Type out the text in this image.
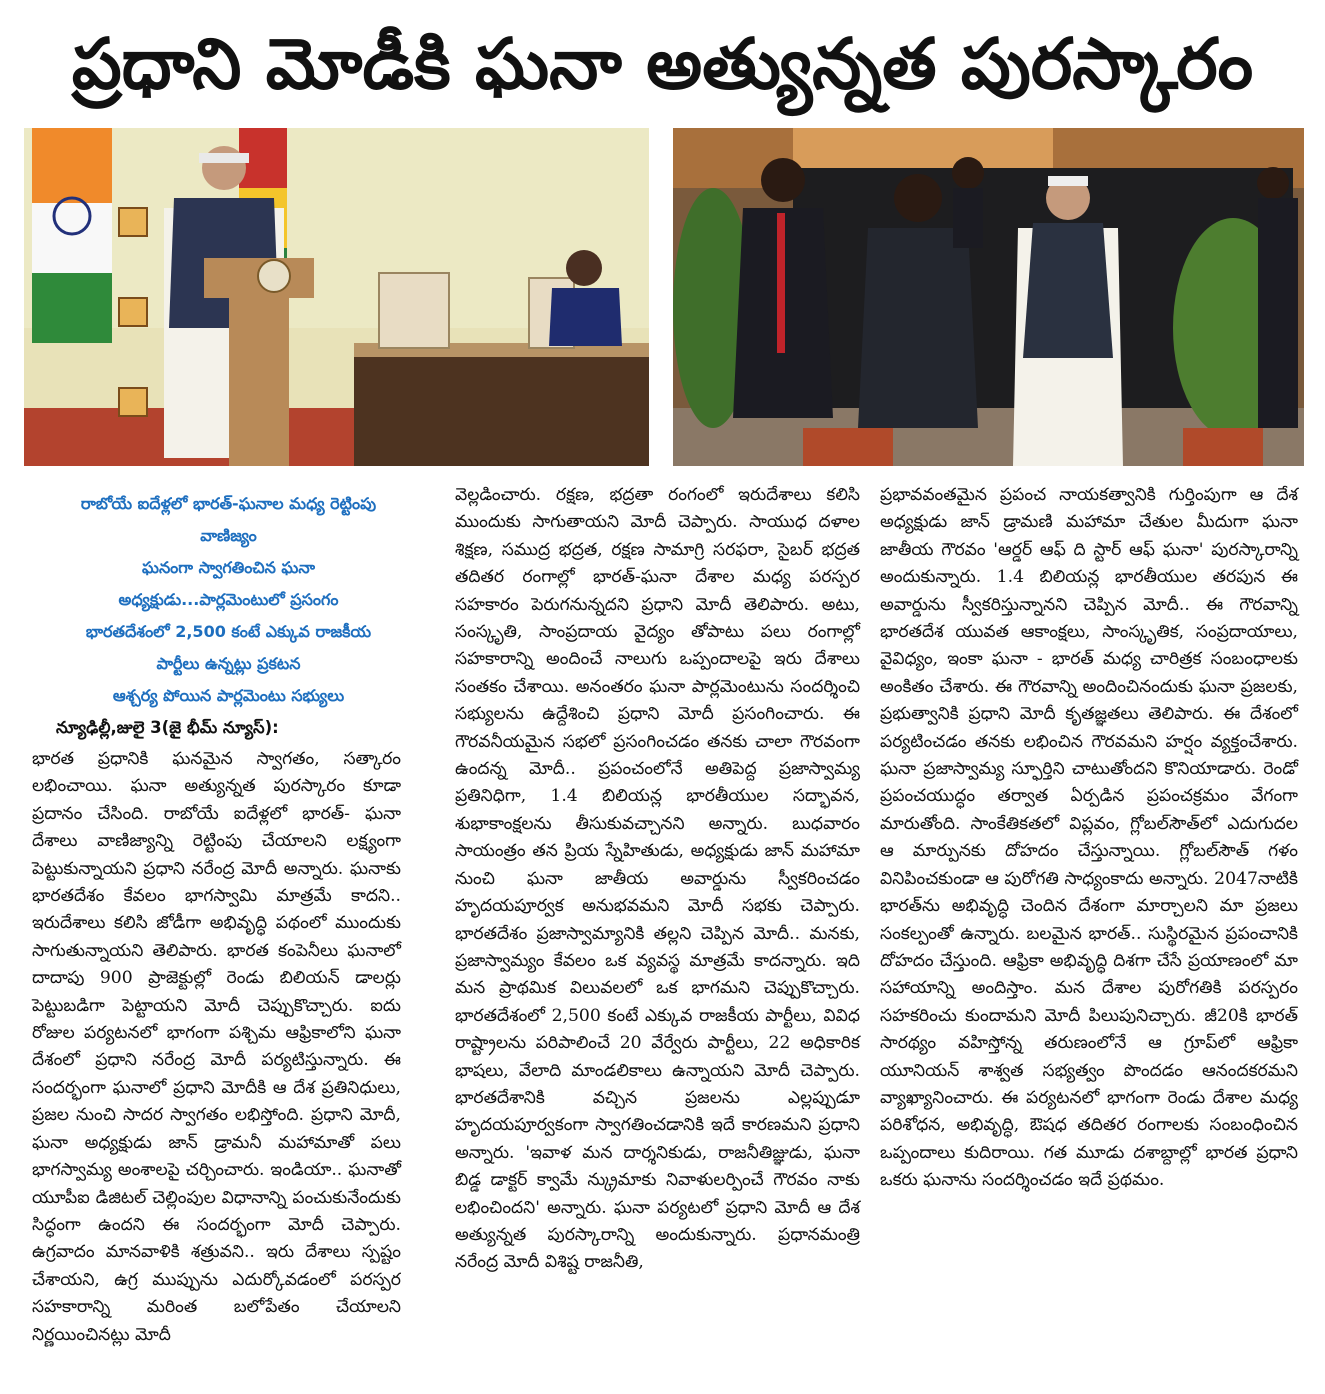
ప్రధాని మోడీకి ఘనా అత్యున్నత పురస్కారం
రాబోయే ఐదేళ్లలో భారత్‌-ఘనాల మధ్య రెట్టింపు
వాణిజ్యం
ఘనంగా స్వాగతించిన ఘనా
అధ్యక్షుడు...పార్లమెంటులో ప్రసంగం
భారతదేశంలో 2,500 కంటే ఎక్కువ రాజకీయ
పార్టీలు ఉన్నట్లు ప్రకటన
ఆశ్చర్య పోయిన పార్లమెంటు సభ్యులు
న్యూఢిల్లీ,జులై 3(జై భీమ్‌ న్యూస్‌):

భారత ప్రధానికి ఘనమైన స్వాగతం, సత్కారం లభించాయి. ఘనా అత్యున్నత పురస్కారం కూడా ప్రదానం చేసింది. రాబోయే ఐదేళ్లలో భారత్‌- ఘనా దేశాలు వాణిజ్యాన్ని రెట్టింపు చేయాలని లక్ష్యంగా పెట్టుకున్నాయని ప్రధాని నరేంద్ర మోదీ అన్నారు. ఘనాకు భారతదేశం కేవలం భాగస్వామి మాత్రమే కాదని.. ఇరుదేశాలు కలిసి జోడీగా అభివృద్ధి పథంలో ముందుకు సాగుతున్నాయని తెలిపారు. భారత కంపెనీలు ఘనాలో దాదాపు 900 ప్రాజెక్టుల్లో రెండు బిలియన్‌ డాలర్లు పెట్టుబడిగా పెట్టాయని మోదీ చెప్పుకొచ్చారు. ఐదు రోజుల పర్యటనలో భాగంగా పశ్చిమ ఆఫ్రికాలోని ఘనా దేశంలో ప్రధాని నరేంద్ర మోదీ పర్యటిస్తున్నారు. ఈ సందర్భంగా ఘనాలో ప్రధాని మోదీకి ఆ దేశ ప్రతినిధులు, ప్రజల నుంచి సాదర స్వాగతం లభిస్తోంది. ప్రధాని మోదీ, ఘనా అధ్యక్షుడు జాన్‌ డ్రామనీ మహామాతో పలు భాగస్వామ్య అంశాలపై చర్చించారు. ఇండియా.. ఘనాతో యూపీఐ డిజిటల్‌ చెల్లింపుల విధానాన్ని పంచుకునేందుకు సిద్ధంగా ఉందని ఈ సందర్భంగా మోదీ చెప్పారు. ఉగ్రవాదం మానవాళికి శత్రువని.. ఇరు దేశాలు స్పష్టం చేశాయని, ఉగ్ర ముప్పును ఎదుర్కోవడంలో పరస్పర సహకారాన్ని మరింత బలోపేతం చేయాలని నిర్ణయించినట్లు మోదీ

వెల్లడించారు. రక్షణ, భద్రతా రంగంలో ఇరుదేశాలు కలిసి ముందుకు సాగుతాయని మోదీ చెప్పారు. సాయుధ దళాల శిక్షణ, సముద్ర భద్రత, రక్షణ సామాగ్రి సరఫరా, సైబర్‌ భద్రత తదితర రంగాల్లో భారత్‌-ఘనా దేశాల మధ్య పరస్పర సహకారం పెరుగనున్నదని ప్రధాని మోదీ తెలిపారు. అటు, సంస్కృతి, సాంప్రదాయ వైద్యం తోపాటు పలు రంగాల్లో సహకారాన్ని అందించే నాలుగు ఒప్పందాలపై ఇరు దేశాలు సంతకం చేశాయి. అనంతరం ఘనా పార్లమెంటును సందర్శించి సభ్యులను ఉద్దేశించి ప్రధాని మోదీ ప్రసంగించారు. ఈ గౌరవనీయమైన సభలో ప్రసంగించడం తనకు చాలా గౌరవంగా ఉందన్న మోదీ.. ప్రపంచంలోనే అతిపెద్ద ప్రజాస్వామ్య ప్రతినిధిగా, 1.4 బిలియన్ల భారతీయుల సద్భావన, శుభాకాంక్షలను తీసుకువచ్చానని అన్నారు. బుధవారం సాయంత్రం తన ప్రియ స్నేహితుడు, అధ్యక్షుడు జాన్‌ మహామా నుంచి ఘనా జాతీయ అవార్డును స్వీకరించడం హృదయపూర్వక అనుభవమని మోదీ సభకు చెప్పారు. భారతదేశం ప్రజాస్వామ్యానికి తల్లని చెప్పిన మోదీ.. మనకు, ప్రజాస్వామ్యం కేవలం ఒక వ్యవస్థ మాత్రమే కాదన్నారు. ఇది మన ప్రాథమిక విలువలలో ఒక భాగమని చెప్పుకొచ్చారు. భారతదేశంలో 2,500 కంటే ఎక్కువ రాజకీయ పార్టీలు, వివిధ రాష్ట్రాలను పరిపాలించే 20 వేర్వేరు పార్టీలు, 22 అధికారిక భాషలు, వేలాది మాండలికాలు ఉన్నాయని మోదీ చెప్పారు. భారతదేశానికి వచ్చిన ప్రజలను ఎల్లప్పుడూ హృదయపూర్వకంగా స్వాగతించడానికి ఇదే కారణమని ప్రధాని అన్నారు. 'ఇవాళ మన దార్శనికుడు, రాజనీతిజ్ఞుడు, ఘనా బిడ్డ డాక్టర్‌ క్వామే న్క్రుమాకు నివాళులర్పించే గౌరవం నాకు లభించిందని' అన్నారు. ఘనా పర్యటలో ప్రధాని మోదీ ఆ దేశ అత్యున్నత పురస్కారాన్ని అందుకున్నారు. ప్రధానమంత్రి నరేంద్ర మోదీ విశిష్ట రాజనీతి,

ప్రభావవంతమైన ప్రపంచ నాయకత్వానికి గుర్తింపుగా ఆ దేశ అధ్యక్షుడు జాన్‌ డ్రామణి మహామా చేతుల మీదుగా ఘనా జాతీయ గౌరవం 'ఆర్డర్‌ ఆఫ్‌ ది స్టార్‌ ఆఫ్‌ ఘనా' పురస్కారాన్ని అందుకున్నారు. 1.4 బిలియన్ల భారతీయుల తరపున ఈ అవార్డును స్వీకరిస్తున్నానని చెప్పిన మోదీ.. ఈ గౌరవాన్ని భారతదేశ యువత ఆకాంక్షలు, సాంస్కృతిక, సంప్రదాయాలు, వైవిధ్యం, ఇంకా ఘనా - భారత్‌ మధ్య చారిత్రక సంబంధాలకు అంకితం చేశారు. ఈ గౌరవాన్ని అందించినందుకు ఘనా ప్రజలకు, ప్రభుత్వానికి ప్రధాని మోదీ కృతజ్ఞతలు తెలిపారు. ఈ దేశంలో పర్యటించడం తనకు లభించిన గౌరవమని హర్షం వ్యక్తంచేశారు. ఘనా ప్రజాస్వామ్య స్ఫూర్తిని చాటుతోందని కొనియాడారు. రెండో ప్రపంచయుద్ధం తర్వాత ఏర్పడిన ప్రపంచక్రమం వేగంగా మారుతోంది. సాంకేతికతలో విప్లవం, గ్లోబల్‌సౌత్‌లో ఎదుగుదల ఆ మార్పునకు దోహదం చేస్తున్నాయి. గ్లోబల్‌సౌత్‌ గళం వినిపించకుండా ఆ పురోగతి సాధ్యంకాదు అన్నారు. 2047నాటికి భారత్‌ను అభివృద్ధి చెందిన దేశంగా మార్చాలని మా ప్రజలు సంకల్పంతో ఉన్నారు. బలమైన భారత్‌.. సుస్థిరమైన ప్రపంచానికి దోహదం చేస్తుంది. ఆఫ్రికా అభివృద్ధి దిశగా చేసే ప్రయాణంలో మా సహాయాన్ని అందిస్తాం. మన దేశాల పురోగతికి పరస్పరం సహకరించు కుందామని మోదీ పిలుపునిచ్చారు. జీ20కి భారత్‌ సారథ్యం వహిస్తోన్న తరుణంలోనే ఆ గ్రూప్‌లో ఆఫ్రికా యూనియన్‌ శాశ్వత సభ్యత్వం పొందడం ఆనందకరమని వ్యాఖ్యానించారు. ఈ పర్యటనలో భాగంగా రెండు దేశాల మధ్య పరిశోధన, అభివృద్ధి, ఔషధ తదితర రంగాలకు సంబంధించిన ఒప్పందాలు కుదిరాయి. గత మూడు దశాబ్దాల్లో భారత ప్రధాని ఒకరు ఘనాను సందర్శించడం ఇదే ప్రథమం.
